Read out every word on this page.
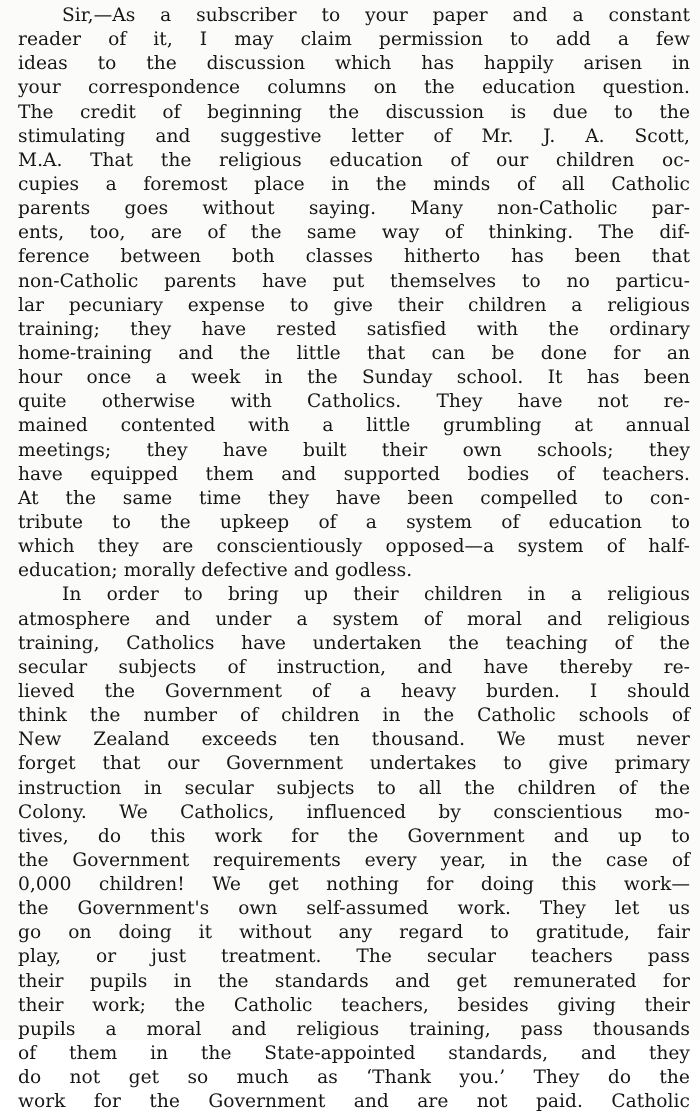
Sir,—As a subscriber to your paper and a constant
reader of it, I may claim permission to add a few
ideas to the discussion which has happily arisen in
your correspondence columns on the education question.
The credit of beginning the discussion is due to the
stimulating and suggestive letter of Mr. J. A. Scott,
M.A. That the religious education of our children oc-
cupies a foremost place in the minds of all Catholic
parents goes without saying. Many non-Catholic par-
ents, too, are of the same way of thinking. The dif-
ference between both classes hitherto has been that
non-Catholic parents have put themselves to no particu-
lar pecuniary expense to give their children a religious
training; they have rested satisfied with the ordinary
home-training and the little that can be done for an
hour once a week in the Sunday school. It has been
quite otherwise with Catholics. They have not re-
mained contented with a little grumbling at annual
meetings; they have built their own schools; they
have equipped them and supported bodies of teachers.
At the same time they have been compelled to con-
tribute to the upkeep of a system of education to
which they are conscientiously opposed—a system of half-
education; morally defective and godless.
In order to bring up their children in a religious
atmosphere and under a system of moral and religious
training, Catholics have undertaken the teaching of the
secular subjects of instruction, and have thereby re-
lieved the Government of a heavy burden. I should
think the number of children in the Catholic schools of
New Zealand exceeds ten thousand. We must never
forget that our Government undertakes to give primary
instruction in secular subjects to all the children of the
Colony. We Catholics, influenced by conscientious mo-
tives, do this work for the Government and up to
the Government requirements every year, in the case of
0,000 children! We get nothing for doing this work—
the Government's own self-assumed work. They let us
go on doing it without any regard to gratitude, fair
play, or just treatment. The secular teachers pass
their pupils in the standards and get remunerated for
their work; the Catholic teachers, besides giving their
pupils a moral and religious training, pass thousands
of them in the State-appointed standards, and they
do not get so much as ‘Thank you.’ They do the
work for the Government and are not paid. Catholic
